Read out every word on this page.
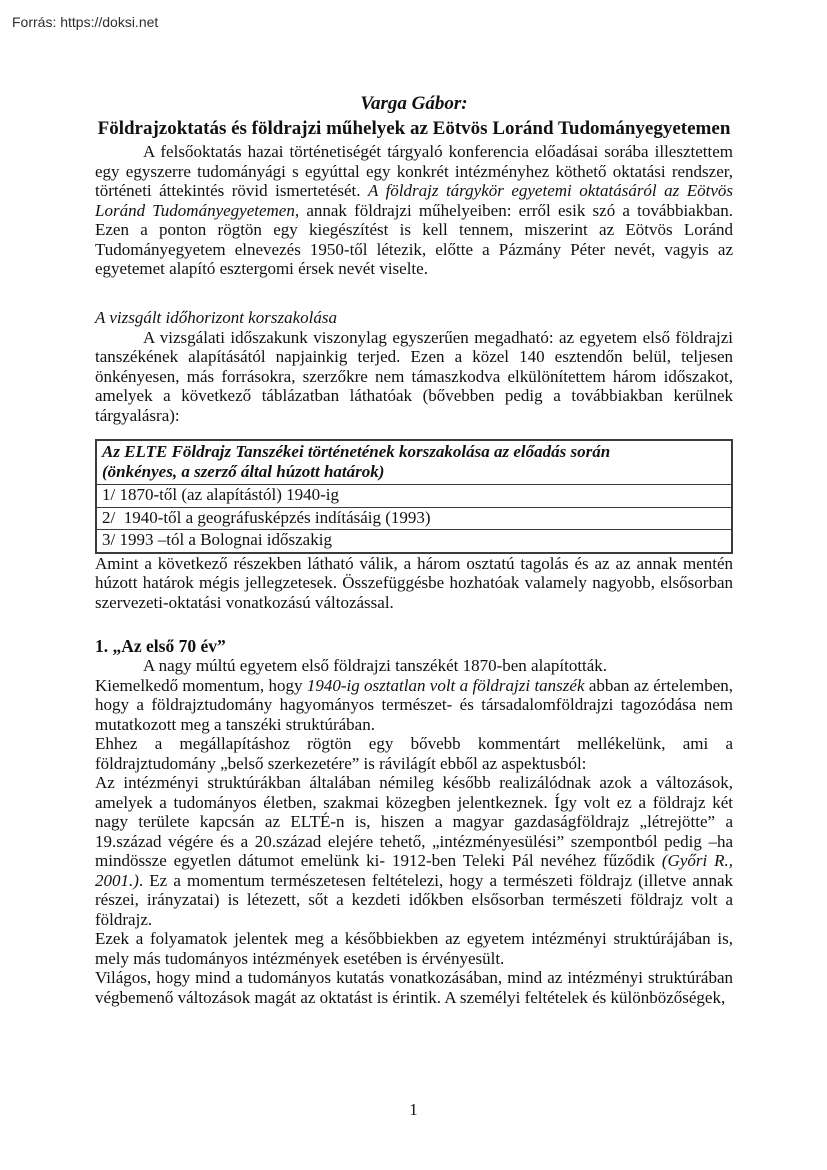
Forrás: https://doksi.net
Varga Gábor:
Földrajzoktatás és földrajzi műhelyek az Eötvös Loránd Tudományegyetemen

A felsőoktatás hazai történetiségét tárgyaló konferencia előadásai sorába illesztettem egy egyszerre tudományági s egyúttal egy konkrét intézményhez köthető oktatási rendszer, történeti áttekintés rövid ismertetését. A földrajz tárgykör egyetemi oktatásáról az Eötvös Loránd Tudományegyetemen, annak földrajzi műhelyeiben: erről esik szó a továbbiakban. Ezen a ponton rögtön egy kiegészítést is kell tennem, miszerint az Eötvös Loránd Tudományegyetem elnevezés 1950-től létezik, előtte a Pázmány Péter nevét, vagyis az egyetemet alapító esztergomi érsek nevét viselte.

A vizsgált időhorizont korszakolása

A vizsgálati időszakunk viszonylag egyszerűen megadható: az egyetem első földrajzi tanszékének alapításától napjainkig terjed. Ezen a közel 140 esztendőn belül, teljesen önkényesen, más forrásokra, szerzőkre nem támaszkodva elkülönítettem három időszakot, amelyek a következő táblázatban láthatóak (bővebben pedig a továbbiakban kerülnek tárgyalásra):

Az ELTE Földrajz Tanszékei történetének korszakolása az előadás során
(önkényes, a szerző által húzott határok)
1/ 1870-től (az alapítástól) 1940-ig
2/  1940-től a geográfusképzés indításáig (1993)
3/ 1993 –tól a Bolognai időszakig

Amint a következő részekben látható válik, a három osztatú tagolás és az az annak mentén húzott határok mégis jellegzetesek. Összefüggésbe hozhatóak valamely nagyobb, elsősorban szervezeti-oktatási vonatkozású változással.

1. „Az első 70 év”

A nagy múltú egyetem első földrajzi tanszékét 1870-ben alapították.

Kiemelkedő momentum, hogy 1940-ig osztatlan volt a földrajzi tanszék abban az értelemben, hogy a földrajztudomány hagyományos természet- és társadalomföldrajzi tagozódása nem mutatkozott meg a tanszéki struktúrában.

Ehhez a megállapításhoz rögtön egy bővebb kommentárt mellékelünk, ami a földrajztudomány „belső szerkezetére” is rávilágít ebből az aspektusból:

Az intézményi struktúrákban általában némileg később realizálódnak azok a változások, amelyek a tudományos életben, szakmai közegben jelentkeznek. Így volt ez a földrajz két nagy területe kapcsán az ELTÉ-n is, hiszen a magyar gazdaságföldrajz „létrejötte” a 19.század végére és a 20.század elejére tehető, „intézményesülési” szempontból pedig –ha mindössze egyetlen dátumot emelünk ki- 1912-ben Teleki Pál nevéhez fűződik (Győri R., 2001.). Ez a momentum természetesen feltételezi, hogy a természeti földrajz (illetve annak részei, irányzatai) is létezett, sőt a kezdeti időkben elsősorban természeti földrajz volt a földrajz.

Ezek a folyamatok jelentek meg a későbbiekben az egyetem intézményi struktúrájában is, mely más tudományos intézmények esetében is érvényesült.

Világos, hogy mind a tudományos kutatás vonatkozásában, mind az intézményi struktúrában végbemenő változások magát az oktatást is érintik. A személyi feltételek és különbözőségek,

1
